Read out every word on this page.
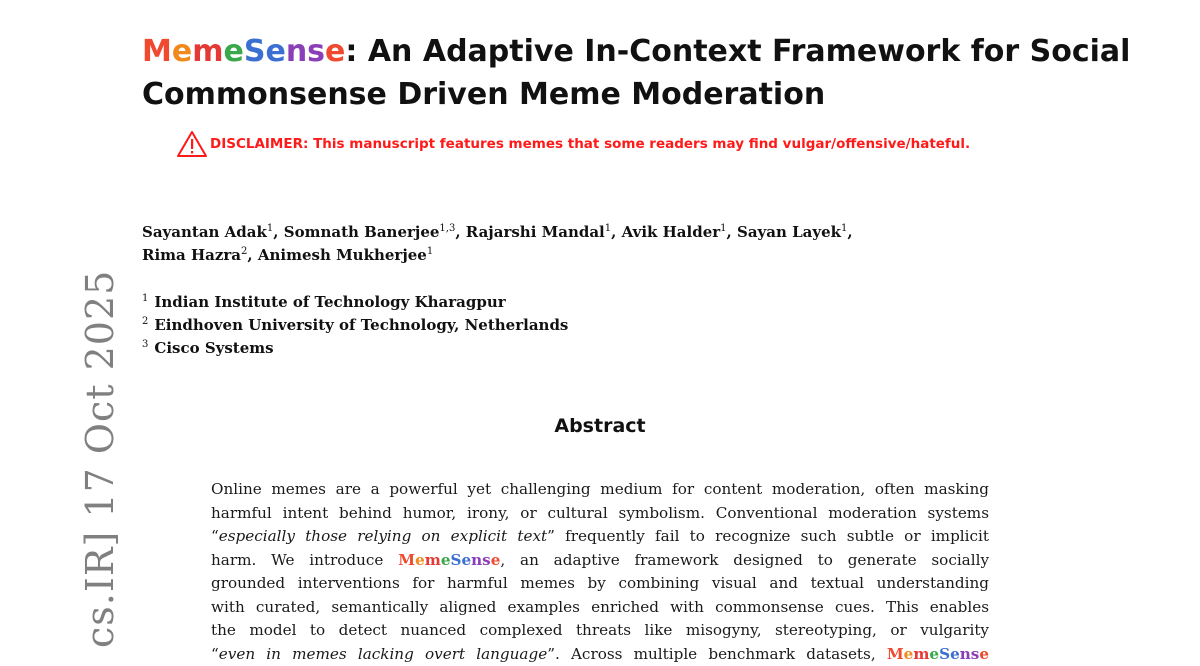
cs.IR] 17 Oct 2025
MemeSense: An Adaptive In-Context Framework for Social
Commonsense Driven Meme Moderation
DISCLAIMER: This manuscript features memes that some readers may find vulgar/offensive/hateful.
Sayantan Adak$^1$, Somnath Banerjee$^{1,3}$, Rajarshi Mandal$^1$, Avik Halder$^1$, Sayan Layek$^1$,
Rima Hazra$^2$, Animesh Mukherjee$^1$
$^1$ Indian Institute of Technology Kharagpur
$^2$ Eindhoven University of Technology, Netherlands
$^3$ Cisco Systems
Abstract
Online memes are a powerful yet challenging medium for content moderation, often masking
harmful intent behind humor, irony, or cultural symbolism. Conventional moderation systems
“especially those relying on explicit text” frequently fail to recognize such subtle or implicit
harm. We introduce MemeSense, an adaptive framework designed to generate socially
grounded interventions for harmful memes by combining visual and textual understanding
with curated, semantically aligned examples enriched with commonsense cues. This enables
the model to detect nuanced complexed threats like misogyny, stereotyping, or vulgarity
“even in memes lacking overt language”. Across multiple benchmark datasets, MemeSense
